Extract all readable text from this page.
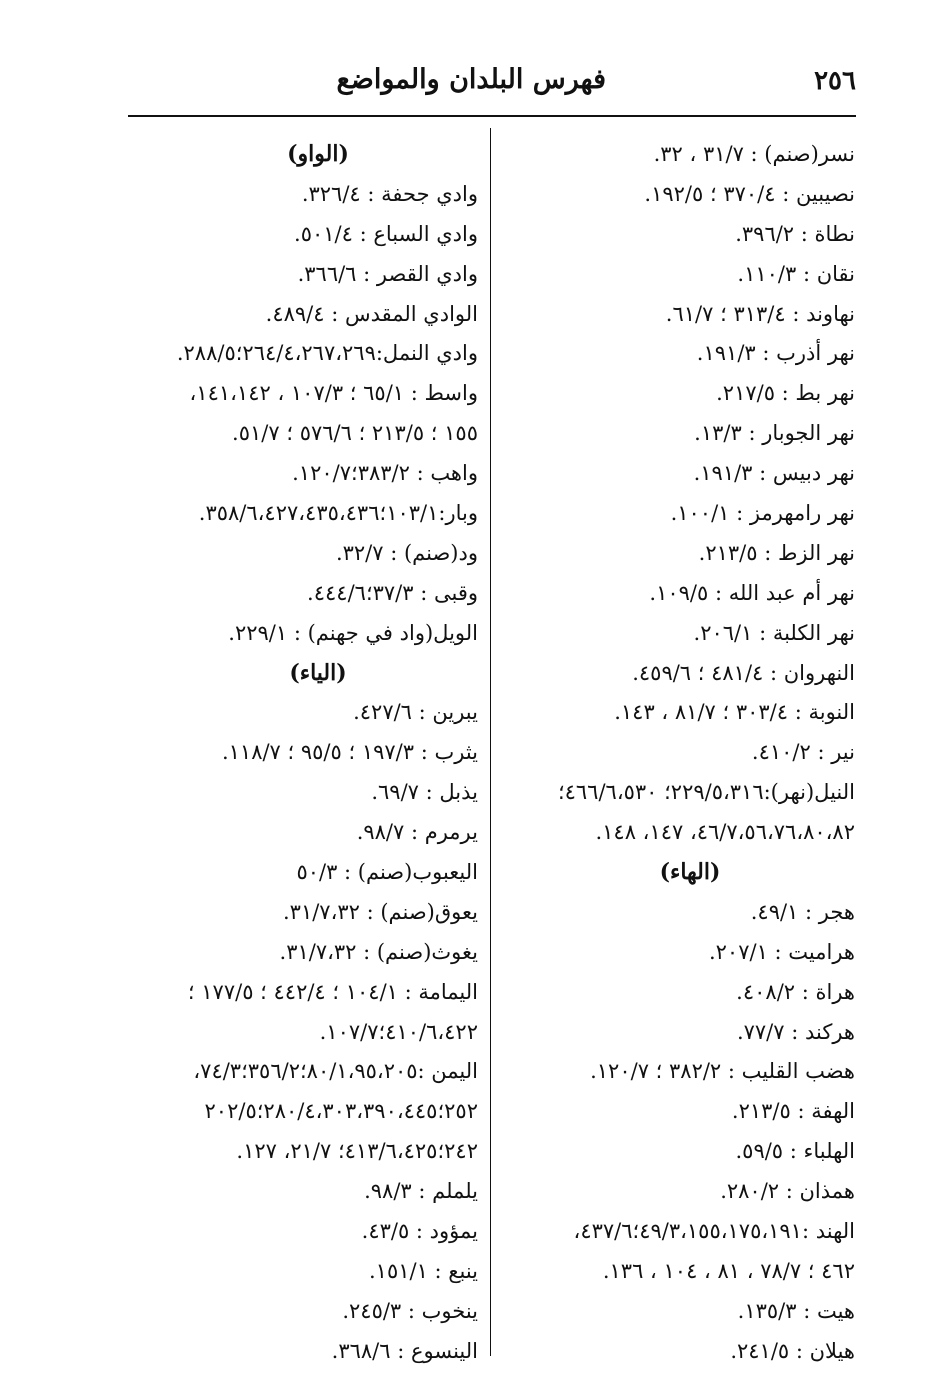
٢٥٦
فهرس البلدان والمواضع
نسر(صنم) : ٣١/٧ ، ٣٢.
نصيبين : ٣٧٠/٤ ؛ ١٩٢/٥.
نطاة : ٣٩٦/٢.
نقان : ١١٠/٣.
نهاوند : ٣١٣/٤ ؛ ٦١/٧.
نهر أذرب : ١٩١/٣.
نهر بط : ٢١٧/٥.
نهر الجوبار : ١٣/٣.
نهر دبيس : ١٩١/٣.
نهر رامهرمز : ١٠٠/١.
نهر الزط : ٢١٣/٥.
نهر أم عبد الله : ١٠٩/٥.
نهر الكلبة : ٢٠٦/١.
النهروان : ٤٨١/٤ ؛ ٤٥٩/٦.
النوبة : ٣٠٣/٤ ؛ ٨١/٧ ، ١٤٣.
نير : ٤١٠/٢.
النيل(نهر):٢٢٩/٥،٣١٦؛ ٤٦٦/٦،٥٣٠؛
٤٦/٧،٥٦،٧٦،٨٠،٨٢، ١٤٧، ١٤٨.
(الهاء)
هجر : ٤٩/١.
هراميت : ٢٠٧/١.
هراة : ٤٠٨/٢.
هركند : ٧٧/٧.
هضب القليب : ٣٨٢/٢ ؛ ١٢٠/٧.
الهفة : ٢١٣/٥.
الهلباء : ٥٩/٥.
همذان : ٢٨٠/٢.
الهند :٤٩/٣،١٥٥،١٧٥،١٩١؛٤٣٧/٦،
٤٦٢ ؛ ٧٨/٧ ، ٨١ ، ١٠٤ ، ١٣٦.
هيت : ١٣٥/٣.
هيلان : ٢٤١/٥.
(الواو)
وادي جحفة : ٣٢٦/٤.
وادي السباع : ٥٠١/٤.
وادي القصر : ٣٦٦/٦.
الوادي المقدس : ٤٨٩/٤.
وادي النمل:٢٦٤/٤،٢٦٧،٢٦٩؛٢٨٨/٥.
واسط : ٦٥/١ ؛ ١٠٧/٣ ، ١٤١،١٤٢،
١٥٥ ؛ ٢١٣/٥ ؛ ٥٧٦/٦ ؛ ٥١/٧.
واهب : ٣٨٣/٢؛١٢٠/٧.
وبار:١٠٣/١؛٣٥٨/٦،٤٢٧،٤٣٥،٤٣٦.
ود(صنم) : ٣٢/٧.
وقبى : ٣٧/٣؛٤٤٤/٦.
الويل(واد في جهنم) : ٢٢٩/١.
(الياء)
يبرين : ٤٢٧/٦.
يثرب : ١٩٧/٣ ؛ ٩٥/٥ ؛ ١١٨/٧.
يذبل : ٦٩/٧.
يرمرم : ٩٨/٧.
اليعبوب(صنم) : ٥٠/٣
يعوق(صنم) : ٣١/٧،٣٢.
يغوث(صنم) : ٣١/٧،٣٢.
اليمامة : ١٠٤/١ ؛ ٤٤٢/٤ ؛ ١٧٧/٥ ؛
٤١٠/٦،٤٢٢؛١٠٧/٧.
اليمن :٨٠/١،٩٥،٢٠٥؛٣٥٦/٢؛٧٤/٣،
٢٥٢؛٢٨٠/٤،٣٠٣،٣٩٠،٤٤٥؛٢٠٢/٥
٢٤٢؛٤١٣/٦،٤٢٥؛ ٢١/٧، ١٢٧.
يلملم : ٩٨/٣.
يمؤود : ٤٣/٥.
ينبع : ١٥١/١.
ينخوب : ٢٤٥/٣.
الينسوع : ٣٦٨/٦.
